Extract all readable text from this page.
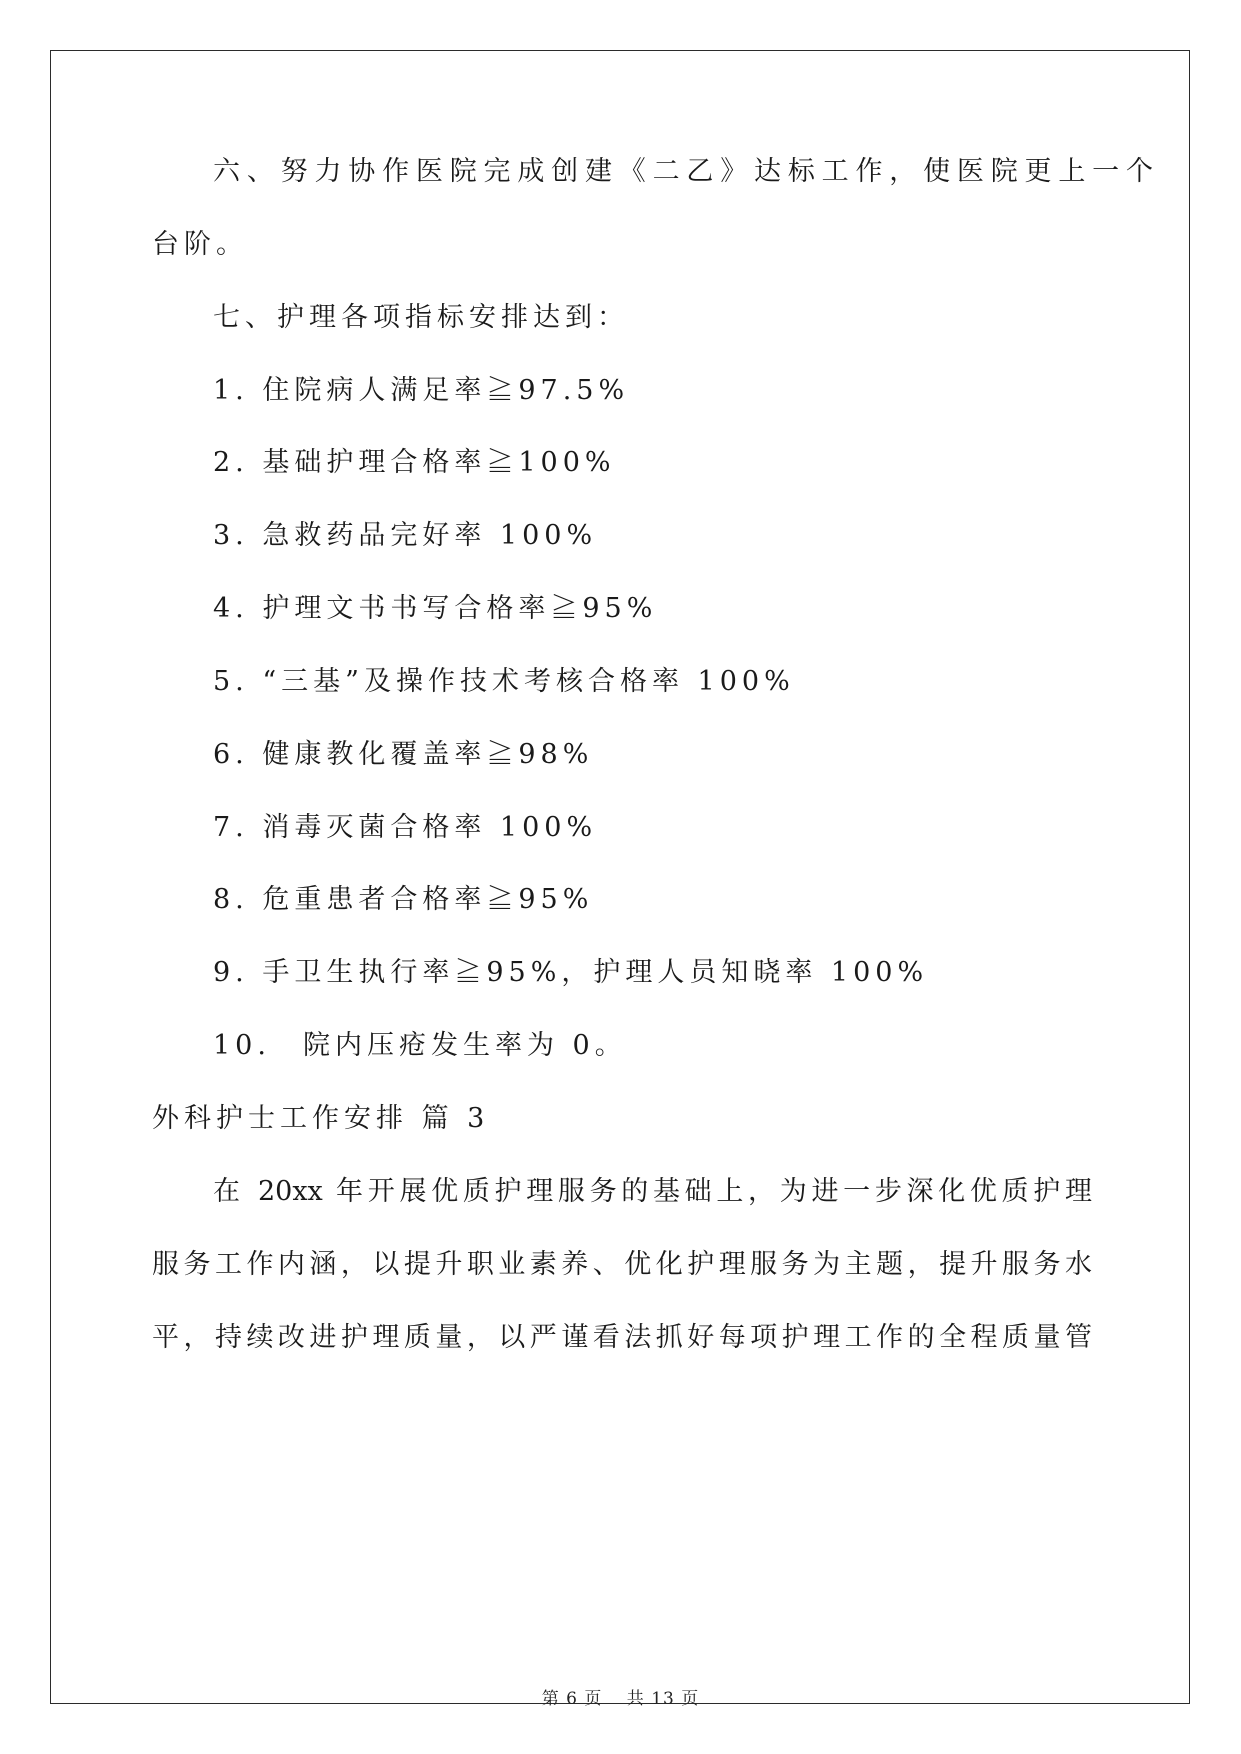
六、努力协作医院完成创建《二乙》达标工作，使医院更上一个
台阶。
七、护理各项指标安排达到：
1. 住院病人满足率≧97.5%
2. 基础护理合格率≧100%
3. 急救药品完好率 100%
4. 护理文书书写合格率≧95%
5. “三基”及操作技术考核合格率 100%
6. 健康教化覆盖率≧98%
7. 消毒灭菌合格率 100%
8. 危重患者合格率≧95%
9. 手卫生执行率≧95%，护理人员知晓率 100%
10.　院内压疮发生率为 0。
外科护士工作安排 篇 3
在 20xx 年开展优质护理服务的基础上，为进一步深化优质护理
服务工作内涵，以提升职业素养、优化护理服务为主题，提升服务水
平，持续改进护理质量，以严谨看法抓好每项护理工作的全程质量管
第 6 页　 共 13 页
